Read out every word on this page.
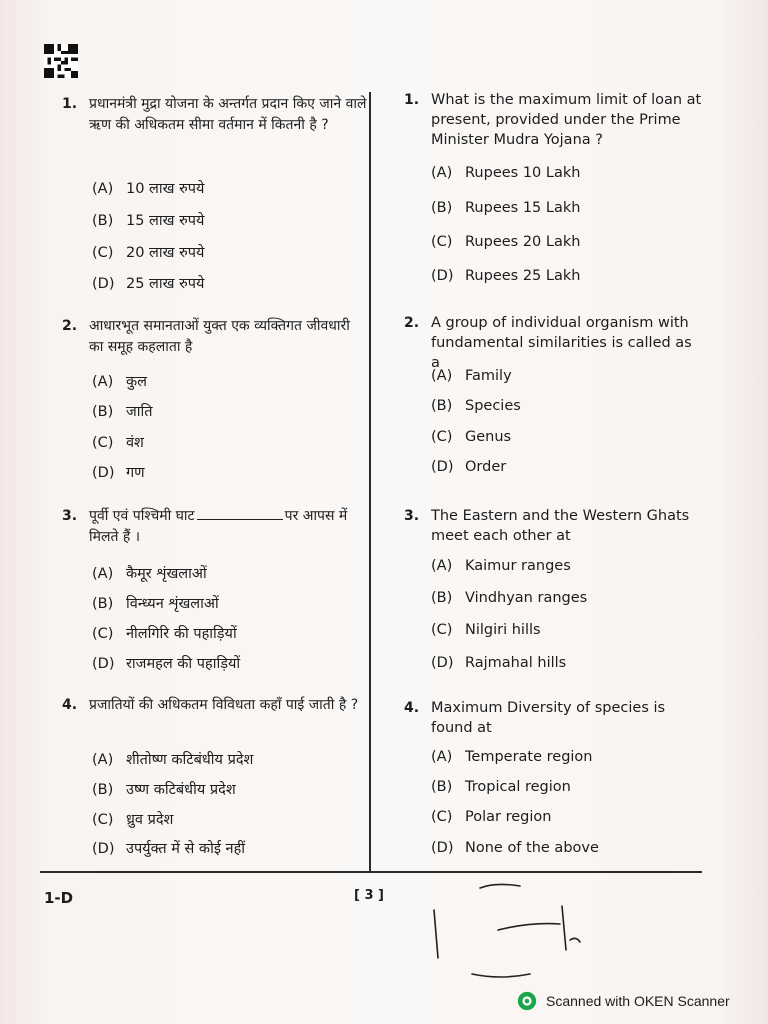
1. प्रधानमंत्री मुद्रा योजना के अन्तर्गत प्रदान किए जाने वाले ऋण की अधिकतम सीमा वर्तमान में कितनी है ?
(A) 10 लाख रुपये
(B) 15 लाख रुपये
(C) 20 लाख रुपये
(D) 25 लाख रुपये
2. आधारभूत समानताओं युक्त एक व्यक्तिगत जीवधारी का समूह कहलाता है
(A) कुल
(B) जाति
(C) वंश
(D) गण
3. पूर्वी एवं पश्चिमी घाट	पर आपस में मिलते हैं ।
(A) कैमूर शृंखलाओं
(B) विन्ध्यन शृंखलाओं
(C) नीलगिरि की पहाड़ियों
(D) राजमहल की पहाड़ियों
4. प्रजातियों की अधिकतम विविधता कहाँ पाई जाती है ?
(A) शीतोष्ण कटिबंधीय प्रदेश
(B) उष्ण कटिबंधीय प्रदेश
(C) ध्रुव प्रदेश
(D) उपर्युक्त में से कोई नहीं
1. What is the maximum limit of loan at present, provided under the Prime Minister Mudra Yojana ?
(A) Rupees 10 Lakh
(B) Rupees 15 Lakh
(C) Rupees 20 Lakh
(D) Rupees 25 Lakh
2. A group of individual organism with fundamental similarities is called as a
(A) Family
(B) Species
(C) Genus
(D) Order
3. The Eastern and the Western Ghats meet each other at
(A) Kaimur ranges
(B) Vindhyan ranges
(C) Nilgiri hills
(D) Rajmahal hills
4. Maximum Diversity of species is found at
(A) Temperate region
(B) Tropical region
(C) Polar region
(D) None of the above
1-D	[ 3 ]
Scanned with OKEN Scanner
